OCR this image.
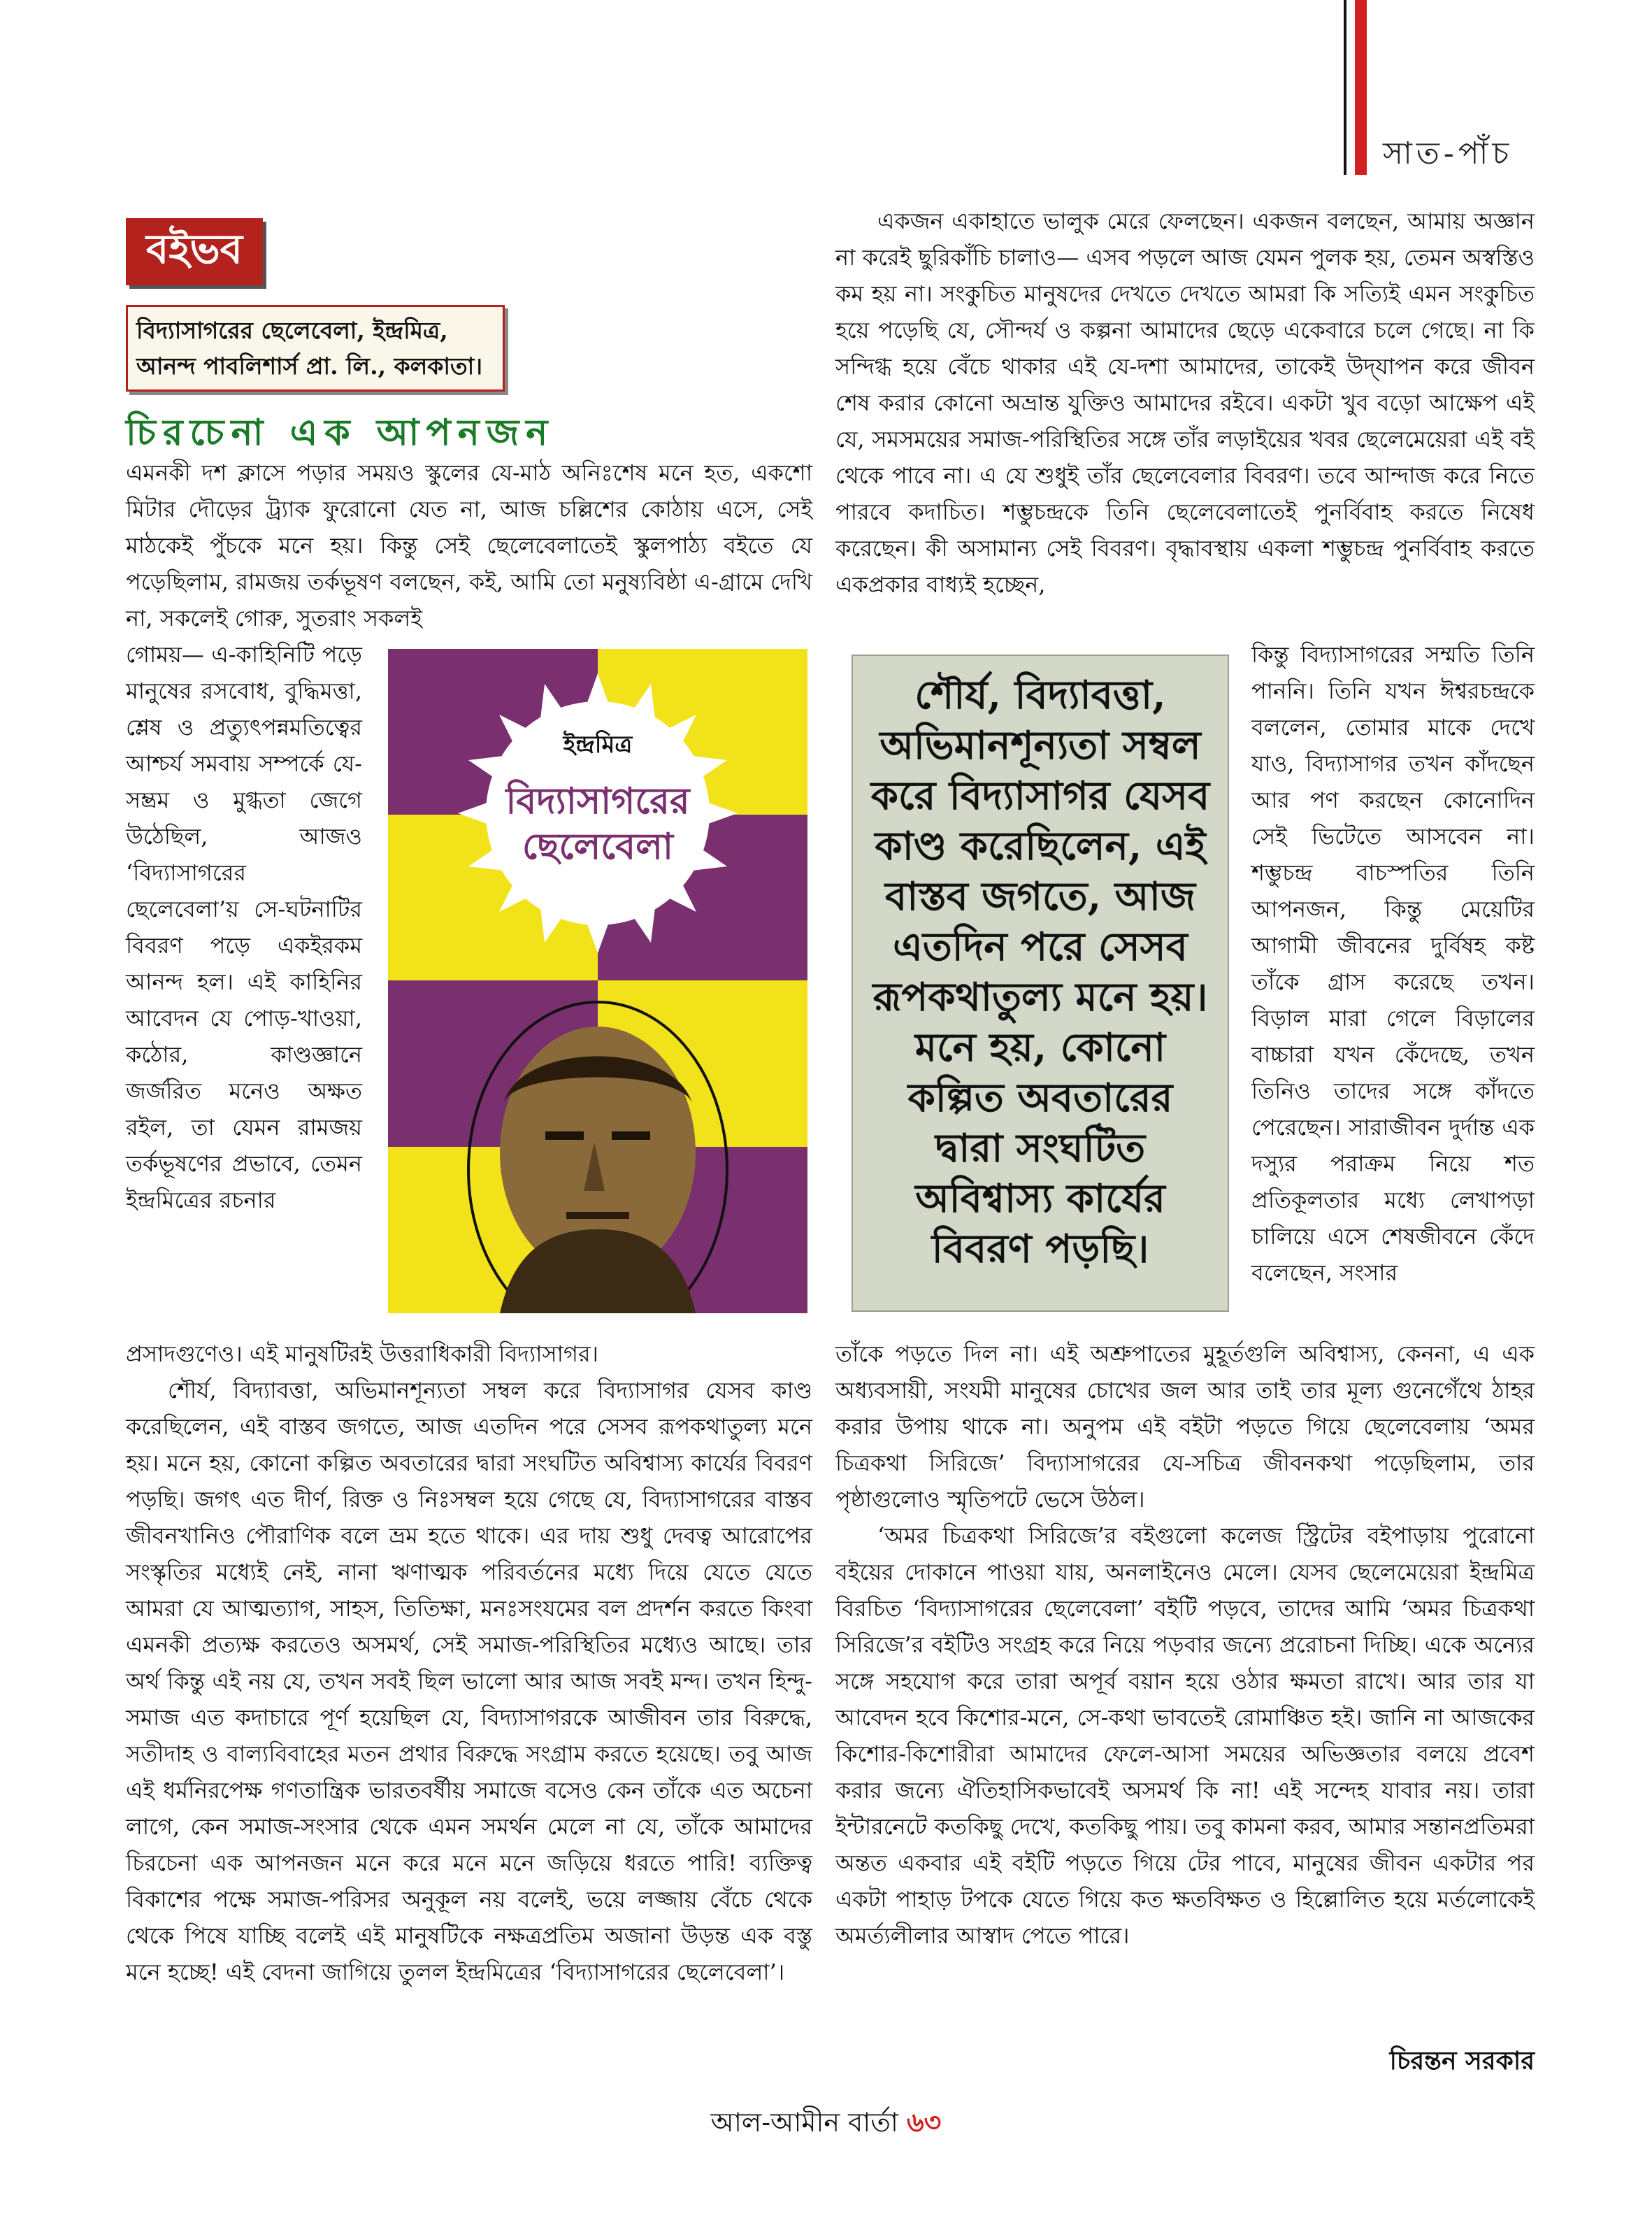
সাত-পাঁচ
বইভব
বিদ্যাসাগরের ছেলেবেলা, ইন্দ্রমিত্র,
আনন্দ পাবলিশার্স প্রা. লি., কলকাতা।
চিরচেনা এক আপনজন
এমনকী দশ ক্লাসে পড়ার সময়ও স্কুলের যে-মাঠ অনিঃশেষ মনে হত, একশো মিটার দৌড়ের ট্র্যাক ফুরোনো যেত না, আজ চল্লিশের কোঠায় এসে, সেই মাঠকেই পুঁচকে মনে হয়। কিন্তু সেই ছেলেবেলাতেই স্কুলপাঠ্য বইতে যে পড়েছিলাম, রামজয় তর্কভূষণ বলছেন, কই, আমি তো মনুষ্যবিষ্ঠা এ-গ্রামে দেখি না, সকলেই গোরু, সুতরাং সকলই
গোময়— এ-কাহিনিটি পড়ে মানুষের রসবোধ, বুদ্ধিমত্তা, শ্লেষ ও প্রত্যুৎপন্নমতিত্বের আশ্চর্য সমবায় সম্পর্কে যে-সম্ভ্রম ও মুগ্ধতা জেগে উঠেছিল, আজও ‘বিদ্যাসাগরের ছেলেবেলা’য় সে-ঘটনাটির বিবরণ পড়ে একইরকম আনন্দ হল। এই কাহিনির আবেদন যে পোড়-খাওয়া, কঠোর, কাণ্ডজ্ঞানে জর্জরিত মনেও অক্ষত রইল, তা যেমন রামজয় তর্কভূষণের প্রভাবে, তেমন ইন্দ্রমিত্রের রচনার

প্রসাদগুণেও। এই মানুষটিরই উত্তরাধিকারী বিদ্যাসাগর।

শৌর্য, বিদ্যাবত্তা, অভিমানশূন্যতা সম্বল করে বিদ্যাসাগর যেসব কাণ্ড করেছিলেন, এই বাস্তব জগতে, আজ এতদিন পরে সেসব রূপকথাতুল্য মনে হয়। মনে হয়, কোনো কল্পিত অবতারের দ্বারা সংঘটিত অবিশ্বাস্য কার্যের বিবরণ পড়ছি। জগৎ এত দীর্ণ, রিক্ত ও নিঃসম্বল হয়ে গেছে যে, বিদ্যাসাগরের বাস্তব জীবনখানিও পৌরাণিক বলে ভ্রম হতে থাকে। এর দায় শুধু দেবত্ব আরোপের সংস্কৃতির মধ্যেই নেই, নানা ঋণাত্মক পরিবর্তনের মধ্যে দিয়ে যেতে যেতে আমরা যে আত্মত্যাগ, সাহস, তিতিক্ষা, মনঃসংযমের বল প্রদর্শন করতে কিংবা এমনকী প্রত্যক্ষ করতেও অসমর্থ, সেই সমাজ-পরিস্থিতির মধ্যেও আছে। তার অর্থ কিন্তু এই নয় যে, তখন সবই ছিল ভালো আর আজ সবই মন্দ। তখন হিন্দু-সমাজ এত কদাচারে পূর্ণ হয়েছিল যে, বিদ্যাসাগরকে আজীবন তার বিরুদ্ধে, সতীদাহ ও বাল্যবিবাহের মতন প্রথার বিরুদ্ধে সংগ্রাম করতে হয়েছে। তবু আজ এই ধর্মনিরপেক্ষ গণতান্ত্রিক ভারতবর্ষীয় সমাজে বসেও কেন তাঁকে এত অচেনা লাগে, কেন সমাজ-সংসার থেকে এমন সমর্থন মেলে না যে, তাঁকে আমাদের চিরচেনা এক আপনজন মনে করে মনে মনে জড়িয়ে ধরতে পারি! ব্যক্তিত্ব বিকাশের পক্ষে সমাজ-পরিসর অনুকূল নয় বলেই, ভয়ে লজ্জায় বেঁচে থেকে থেকে পিষে যাচ্ছি বলেই এই মানুষটিকে নক্ষত্রপ্রতিম অজানা উড়ন্ত এক বস্তু মনে হচ্ছে! এই বেদনা জাগিয়ে তুলল ইন্দ্রমিত্রের ‘বিদ্যাসাগরের ছেলেবেলা’।

ইন্দ্রমিত্র
বিদ্যাসাগরের
ছেলেবেলা
একজন একাহাতে ভালুক মেরে ফেলছেন। একজন বলছেন, আমায় অজ্ঞান না করেই ছুরিকাঁচি চালাও— এসব পড়লে আজ যেমন পুলক হয়, তেমন অস্বস্তিও কম হয় না। সংকুচিত মানুষদের দেখতে দেখতে আমরা কি সত্যিই এমন সংকুচিত হয়ে পড়েছি যে, সৌন্দর্য ও কল্পনা আমাদের ছেড়ে একেবারে চলে গেছে। না কি সন্দিগ্ধ হয়ে বেঁচে থাকার এই যে-দশা আমাদের, তাকেই উদ্‌যাপন করে জীবন শেষ করার কোনো অভ্রান্ত যুক্তিও আমাদের রইবে। একটা খুব বড়ো আক্ষেপ এই যে, সমসময়ের সমাজ-পরিস্থিতির সঙ্গে তাঁর লড়াইয়ের খবর ছেলেমেয়েরা এই বই থেকে পাবে না। এ যে শুধুই তাঁর ছেলেবেলার বিবরণ। তবে আন্দাজ করে নিতে পারবে কদাচিত। শম্ভুচন্দ্রকে তিনি ছেলেবেলাতেই পুনর্বিবাহ করতে নিষেধ করেছেন। কী অসামান্য সেই বিবরণ। বৃদ্ধাবস্থায় একলা শম্ভুচন্দ্র পুনর্বিবাহ করতে একপ্রকার বাধ্যই হচ্ছেন,
কিন্তু বিদ্যাসাগরের সম্মতি তিনি পাননি। তিনি যখন ঈশ্বরচন্দ্রকে বললেন, তোমার মাকে দেখে যাও, বিদ্যাসাগর তখন কাঁদছেন আর পণ করছেন কোনোদিন সেই ভিটেতে আসবেন না। শম্ভুচন্দ্র বাচস্পতির তিনি আপনজন, কিন্তু মেয়েটির আগামী জীবনের দুর্বিষহ কষ্ট তাঁকে গ্রাস করেছে তখন। বিড়াল মারা গেলে বিড়ালের বাচ্চারা যখন কেঁদেছে, তখন তিনিও তাদের সঙ্গে কাঁদতে পেরেছেন। সারাজীবন দুর্দান্ত এক দস্যুর পরাক্রম নিয়ে শত প্রতিকূলতার মধ্যে লেখাপড়া চালিয়ে এসে শেষজীবনে কেঁদে বলেছেন, সংসার

তাঁকে পড়তে দিল না। এই অশ্রুপাতের মুহূর্তগুলি অবিশ্বাস্য, কেননা, এ এক অধ্যবসায়ী, সংযমী মানুষের চোখের জল আর তাই তার মূল্য গুনেগেঁথে ঠাহর করার উপায় থাকে না। অনুপম এই বইটা পড়তে গিয়ে ছেলেবেলায় ‘অমর চিত্রকথা সিরিজে’ বিদ্যাসাগরের যে-সচিত্র জীবনকথা পড়েছিলাম, তার পৃষ্ঠাগুলোও স্মৃতিপটে ভেসে উঠল।

‘অমর চিত্রকথা সিরিজে’র বইগুলো কলেজ স্ট্রিটের বইপাড়ায় পুরোনো বইয়ের দোকানে পাওয়া যায়, অনলাইনেও মেলে। যেসব ছেলেমেয়েরা ইন্দ্রমিত্র বিরচিত ‘বিদ্যাসাগরের ছেলেবেলা’ বইটি পড়বে, তাদের আমি ‘অমর চিত্রকথা সিরিজে’র বইটিও সংগ্রহ করে নিয়ে পড়বার জন্যে প্ররোচনা দিচ্ছি। একে অন্যের সঙ্গে সহযোগ করে তারা অপূর্ব বয়ান হয়ে ওঠার ক্ষমতা রাখে। আর তার যা আবেদন হবে কিশোর-মনে, সে-কথা ভাবতেই রোমাঞ্চিত হই। জানি না আজকের কিশোর-কিশোরীরা আমাদের ফেলে-আসা সময়ের অভিজ্ঞতার বলয়ে প্রবেশ করার জন্যে ঐতিহাসিকভাবেই অসমর্থ কি না! এই সন্দেহ যাবার নয়। তারা ইন্টারনেটে কতকিছু দেখে, কতকিছু পায়। তবু কামনা করব, আমার সন্তানপ্রতিমরা অন্তত একবার এই বইটি পড়তে গিয়ে টের পাবে, মানুষের জীবন একটার পর একটা পাহাড় টপকে যেতে গিয়ে কত ক্ষতবিক্ষত ও হিল্লোলিত হয়ে মর্তলোকেই অমর্ত্যলীলার আস্বাদ পেতে পারে।

শৌর্য, বিদ্যাবত্তা, অভিমানশূন্যতা সম্বল করে বিদ্যাসাগর যেসব কাণ্ড করেছিলেন, এই বাস্তব জগতে, আজ এতদিন পরে সেসব রূপকথাতুল্য মনে হয়। মনে হয়, কোনো কল্পিত অবতারের দ্বারা সংঘটিত অবিশ্বাস্য কার্যের বিবরণ পড়ছি।
চিরন্তন সরকার
আল-আমীন বার্তা ৬৩
